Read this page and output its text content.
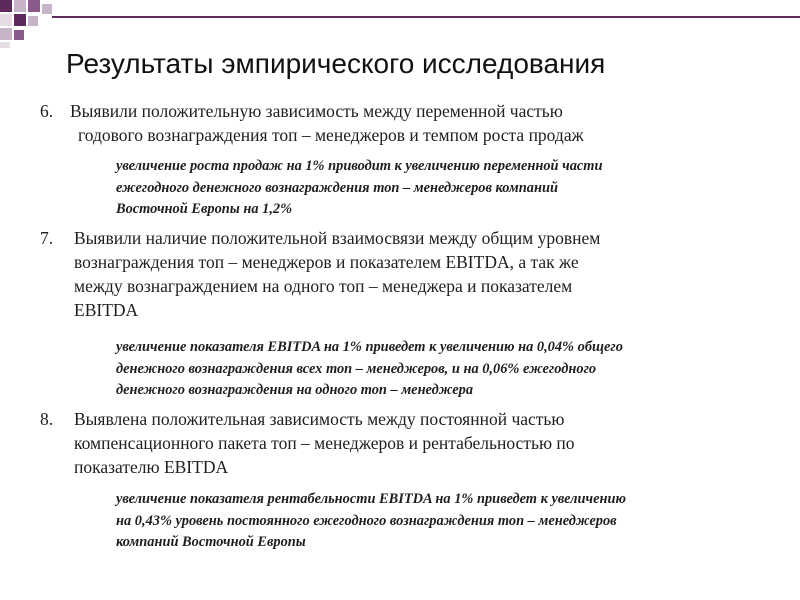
Результаты эмпирического исследования
6. Выявили положительную зависимость между переменной частью
годового вознаграждения топ – менеджеров и темпом роста продаж
увеличение роста продаж на 1% приводит к увеличению переменной части
ежегодного денежного вознаграждения топ – менеджеров компаний
Восточной Европы на 1,2%
7. Выявили наличие положительной взаимосвязи между общим уровнем
вознаграждения топ – менеджеров и показателем EBITDA, а так же
между вознаграждением на одного топ – менеджера и показателем
EBITDA
увеличение показателя EBITDA на 1% приведет к увеличению на 0,04% общего
денежного вознаграждения всех топ – менеджеров, и на 0,06% ежегодного
денежного вознаграждения на одного топ – менеджера
8. Выявлена положительная зависимость между постоянной частью
компенсационного пакета топ – менеджеров и рентабельностью по
показателю EBITDA
увеличение показателя рентабельности EBITDA на 1% приведет к увеличению
на 0,43% уровень постоянного ежегодного вознаграждения топ – менеджеров
компаний Восточной Европы
